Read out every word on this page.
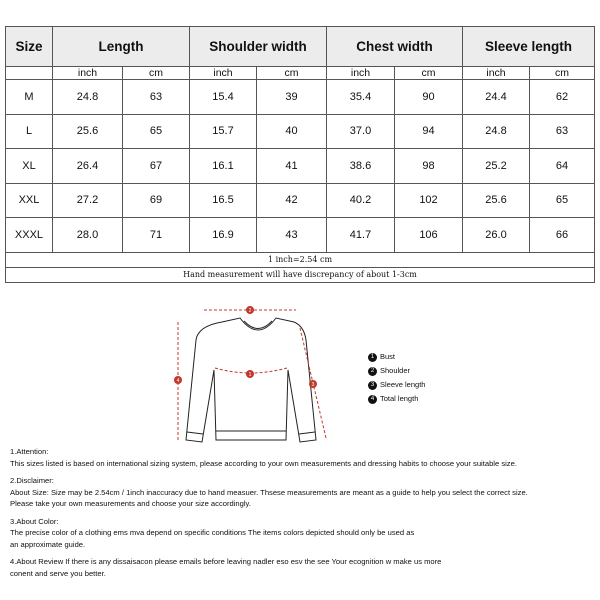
Size	Length		Shoulder width		Chest width		Sleeve length	
	inch	cm	inch	cm	inch	cm	inch	cm
M	24.8	63	15.4	39	35.4	90	24.4	62
L	25.6	65	15.7	40	37.0	94	24.8	63
XL	26.4	67	16.1	41	38.6	98	25.2	64
XXL	27.2	69	16.5	42	40.2	102	25.6	65
XXXL	28.0	71	16.9	43	41.7	106	26.0	66
1 inch=2.54 cm								
Hand measurement will have discrepancy of about 1-3cm								
2
1
4
3
1 Bust
2 Shoulder
3 Sleeve length
4 Total length
1.Attention:
This sizes listed is based on international sizing system, please according to your own measurements and dressing habits to choose your suitable size.
2.Disclaimer:
About Size: Size may be 2.54cm / 1inch inaccuracy due to hand measuer. Thsese measurements are meant as a guide to help you select the correct size.
Please take your own measurements and choose your size accordingly.
3.About Color:
The precise color of a clothing ems mva depend on specific conditions The items colors depicted should only be used as
an approximate guide.
4.About Review If there is any dissaisacon please emails before leaving nadler eso esv the see Your ecognition w make us more
conent and serve you better.
